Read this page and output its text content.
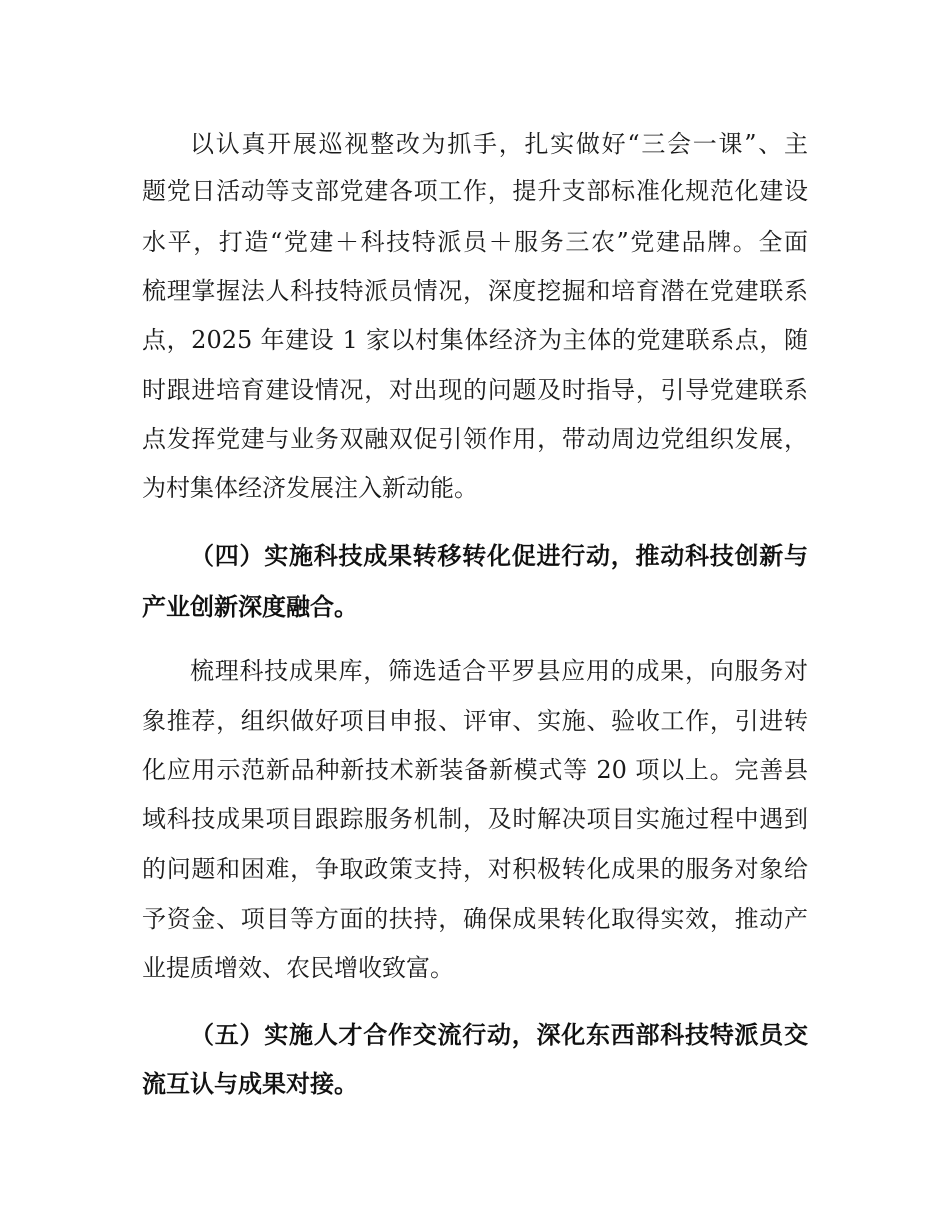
以认真开展巡视整改为抓手，扎实做好“三会一课”、主
题党日活动等支部党建各项工作，提升支部标准化规范化建设
水平，打造“党建＋科技特派员＋服务三农”党建品牌。全面
梳理掌握法人科技特派员情况，深度挖掘和培育潜在党建联系
点，2025 年建设 1 家以村集体经济为主体的党建联系点，随
时跟进培育建设情况，对出现的问题及时指导，引导党建联系
点发挥党建与业务双融双促引领作用，带动周边党组织发展，
为村集体经济发展注入新动能。
（四）实施科技成果转移转化促进行动，推动科技创新与
产业创新深度融合。
梳理科技成果库，筛选适合平罗县应用的成果，向服务对
象推荐，组织做好项目申报、评审、实施、验收工作，引进转
化应用示范新品种新技术新装备新模式等 20 项以上。完善县
域科技成果项目跟踪服务机制，及时解决项目实施过程中遇到
的问题和困难，争取政策支持，对积极转化成果的服务对象给
予资金、项目等方面的扶持，确保成果转化取得实效，推动产
业提质增效、农民增收致富。
（五）实施人才合作交流行动，深化东西部科技特派员交
流互认与成果对接。
